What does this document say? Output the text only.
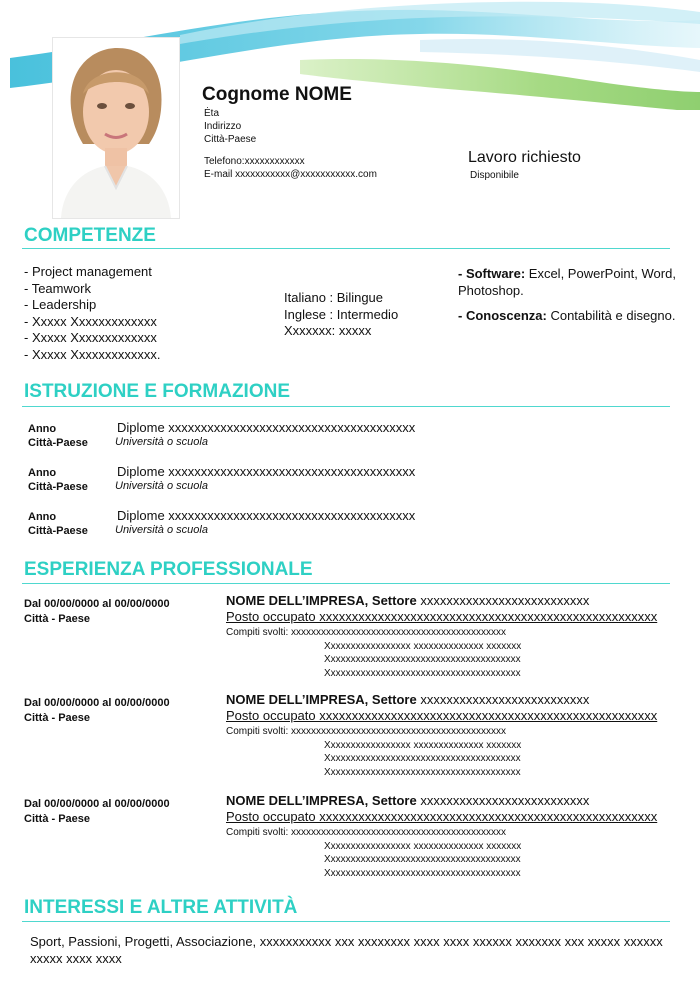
Cognome NOME
Ėta
Indirizzo
Città-Paese
Telefono:xxxxxxxxxxxx
E-mail xxxxxxxxxxx@xxxxxxxxxxx.com
Lavoro richiesto
Disponibile
COMPETENZE
- Project management
- Teamwork
- Leadership
- Xxxxx Xxxxxxxxxxxxx
- Xxxxx Xxxxxxxxxxxxx
- Xxxxx Xxxxxxxxxxxxx.
Italiano : Bilingue
Inglese : Intermedio
Xxxxxxx: xxxxx
- Software: Excel, PowerPoint, Word, Photoshop.
- Conoscenza: Contabilità e disegno.
ISTRUZIONE E FORMAZIONE
Anno
Città-Paese
Diplome xxxxxxxxxxxxxxxxxxxxxxxxxxxxxxxxxxxxxx
Università o scuola
Anno
Città-Paese
Diplome xxxxxxxxxxxxxxxxxxxxxxxxxxxxxxxxxxxxxx
Università o scuola
Anno
Città-Paese
Diplome xxxxxxxxxxxxxxxxxxxxxxxxxxxxxxxxxxxxxx
Università o scuola
ESPERIENZA PROFESSIONALE
Dal 00/00/0000 al 00/00/0000
Città - Paese
NOME DELL’IMPRESA, Settore xxxxxxxxxxxxxxxxxxxxxxxxxx
Posto occupato xxxxxxxxxxxxxxxxxxxxxxxxxxxxxxxxxxxxxxxxxxxxxxxxxxxx
Compiti svolti: xxxxxxxxxxxxxxxxxxxxxxxxxxxxxxxxxxxxxxxxxxx
Xxxxxxxxxxxxxxxxx xxxxxxxxxxxxxx xxxxxxx
Xxxxxxxxxxxxxxxxxxxxxxxxxxxxxxxxxxxxxxx
Xxxxxxxxxxxxxxxxxxxxxxxxxxxxxxxxxxxxxxx
Dal 00/00/0000 al 00/00/0000
Città - Paese
NOME DELL’IMPRESA, Settore xxxxxxxxxxxxxxxxxxxxxxxxxx
Posto occupato xxxxxxxxxxxxxxxxxxxxxxxxxxxxxxxxxxxxxxxxxxxxxxxxxxxx
Compiti svolti: xxxxxxxxxxxxxxxxxxxxxxxxxxxxxxxxxxxxxxxxxxx
Xxxxxxxxxxxxxxxxx xxxxxxxxxxxxxx xxxxxxx
Xxxxxxxxxxxxxxxxxxxxxxxxxxxxxxxxxxxxxxx
Xxxxxxxxxxxxxxxxxxxxxxxxxxxxxxxxxxxxxxx
Dal 00/00/0000 al 00/00/0000
Città - Paese
NOME DELL’IMPRESA, Settore xxxxxxxxxxxxxxxxxxxxxxxxxx
Posto occupato xxxxxxxxxxxxxxxxxxxxxxxxxxxxxxxxxxxxxxxxxxxxxxxxxxxx
Compiti svolti: xxxxxxxxxxxxxxxxxxxxxxxxxxxxxxxxxxxxxxxxxxx
Xxxxxxxxxxxxxxxxx xxxxxxxxxxxxxx xxxxxxx
Xxxxxxxxxxxxxxxxxxxxxxxxxxxxxxxxxxxxxxx
Xxxxxxxxxxxxxxxxxxxxxxxxxxxxxxxxxxxxxxx
INTERESSI E ALTRE ATTIVITÀ
Sport, Passioni, Progetti, Associazione, xxxxxxxxxxx xxx xxxxxxxx xxxx xxxx xxxxxx xxxxxxx xxx xxxxx xxxxxx xxxxx xxxx xxxx
